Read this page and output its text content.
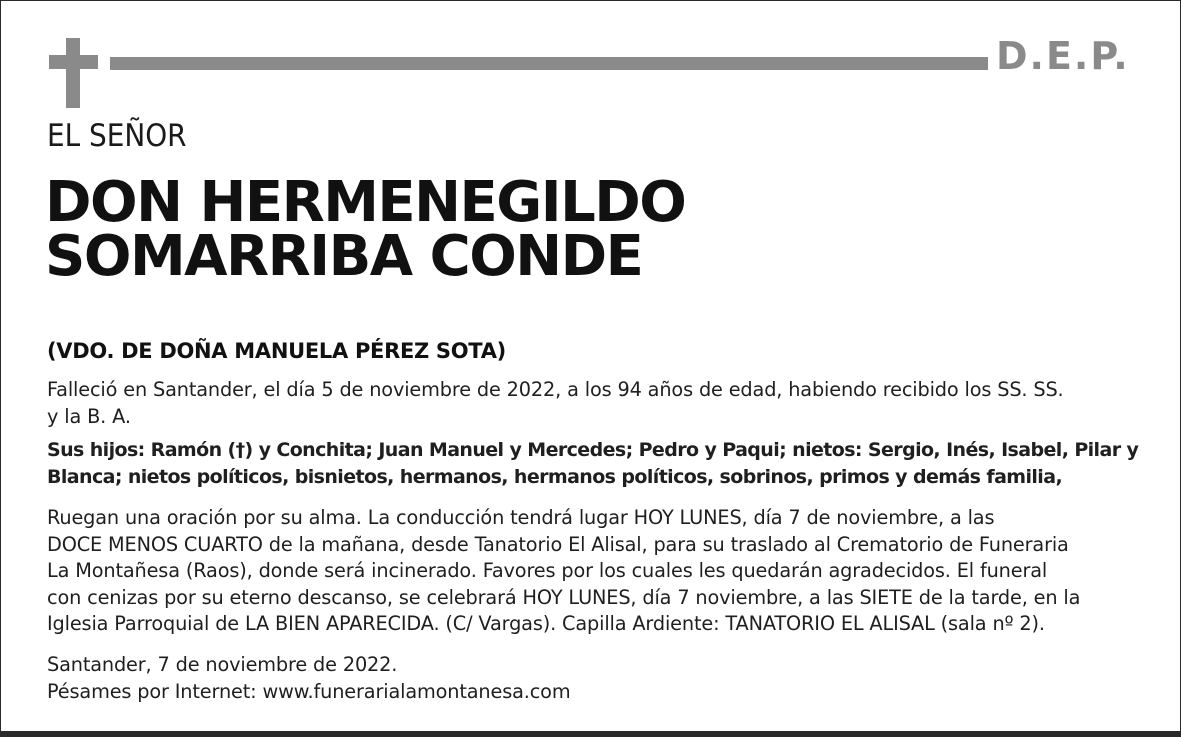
D.E.P.
EL SEÑOR
DON HERMENEGILDO
SOMARRIBA CONDE
(VDO. DE DOÑA MANUELA PÉREZ SOTA)
Falleció en Santander, el día 5 de noviembre de 2022, a los 94 años de edad, habiendo recibido los SS. SS.
y la B. A.
Sus hijos: Ramón (†) y Conchita; Juan Manuel y Mercedes; Pedro y Paqui; nietos: Sergio, Inés, Isabel, Pilar y
Blanca; nietos políticos, bisnietos, hermanos, hermanos políticos, sobrinos, primos y demás familia,
Ruegan una oración por su alma. La conducción tendrá lugar HOY LUNES, día 7 de noviembre, a las
DOCE MENOS CUARTO de la mañana, desde Tanatorio El Alisal, para su traslado al Crematorio de Funeraria
La Montañesa (Raos), donde será incinerado. Favores por los cuales les quedarán agradecidos. El funeral
con cenizas por su eterno descanso, se celebrará HOY LUNES, día 7 noviembre, a las SIETE de la tarde, en la
Iglesia Parroquial de LA BIEN APARECIDA. (C/ Vargas). Capilla Ardiente: TANATORIO EL ALISAL (sala nº 2).
Santander, 7 de noviembre de 2022.
Pésames por Internet: www.funerarialamontanesa.com
